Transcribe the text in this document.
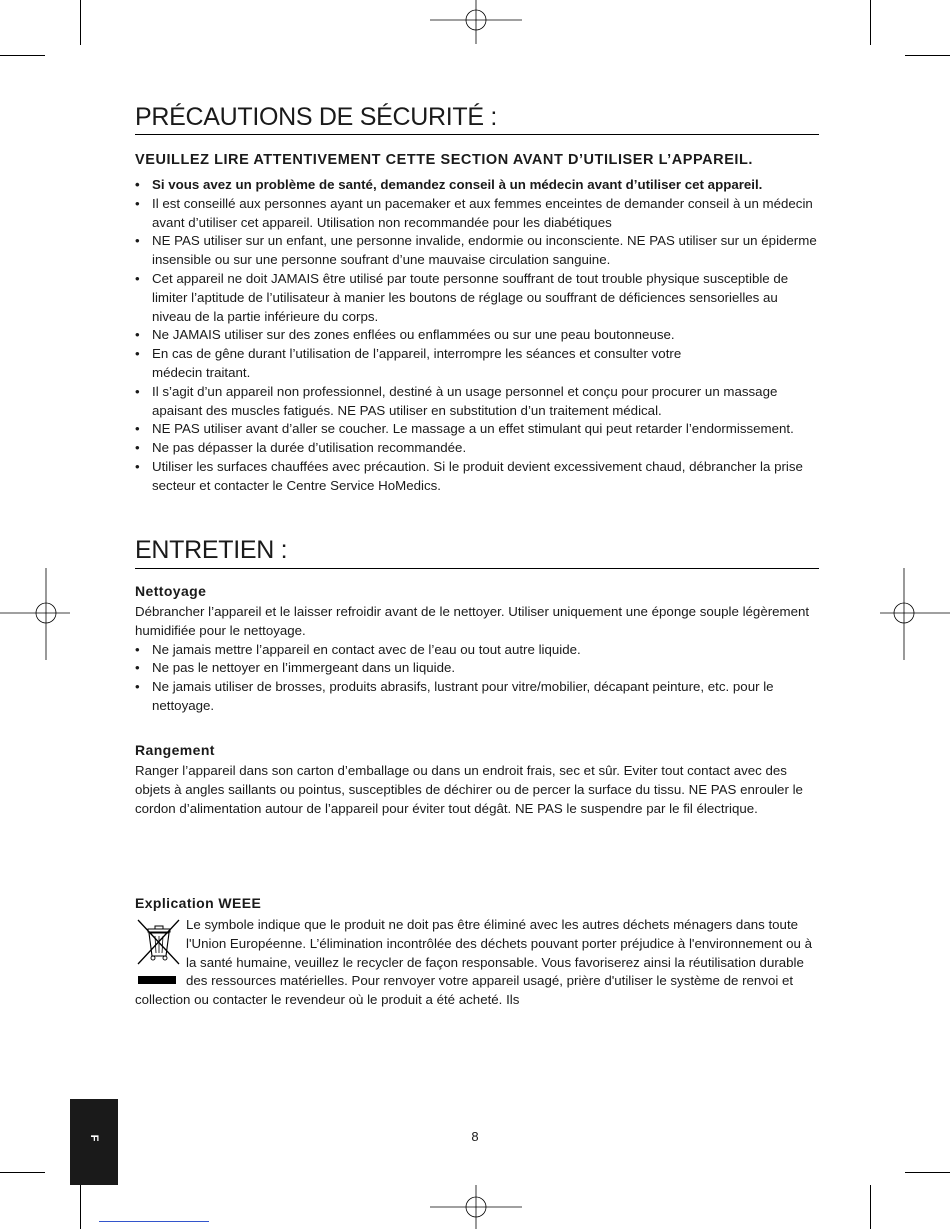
PRÉCAUTIONS DE SÉCURITÉ :
VEUILLEZ LIRE ATTENTIVEMENT CETTE SECTION AVANT D’UTILISER L’APPAREIL.
• Si vous avez un problème de santé, demandez conseil à un médecin avant d’utiliser cet appareil.
• Il est conseillé aux personnes ayant un pacemaker et aux femmes enceintes de demander conseil à un médecin avant d’utiliser cet appareil. Utilisation non recommandée pour les diabétiques
• NE PAS utiliser sur un enfant, une personne invalide, endormie ou inconsciente. NE PAS utiliser sur un épiderme insensible ou sur une personne soufrant d’une mauvaise circulation sanguine.
• Cet appareil ne doit JAMAIS être utilisé par toute personne souffrant de tout trouble physique susceptible de limiter l’aptitude de l’utilisateur à manier les boutons de réglage ou souffrant de déficiences sensorielles au niveau de la partie inférieure du corps.
• Ne JAMAIS utiliser sur des zones enflées ou enflammées ou sur une peau boutonneuse.
• En cas de gêne durant l’utilisation de l’appareil, interrompre les séances et consulter votre médecin traitant.
• Il s’agit d’un appareil non professionnel, destiné à un usage personnel et conçu pour procurer un massage apaisant des muscles fatigués. NE PAS utiliser en substitution d’un traitement médical.
• NE PAS utiliser avant d’aller se coucher. Le massage a un effet stimulant qui peut retarder l’endormissement.
• Ne pas dépasser la durée d’utilisation recommandée.
• Utiliser les surfaces chauffées avec précaution. Si le produit devient excessivement chaud, débrancher la prise secteur et contacter le Centre Service HoMedics.
ENTRETIEN :
Nettoyage
Débrancher l’appareil et le laisser refroidir avant de le nettoyer. Utiliser uniquement une éponge souple légèrement humidifiée pour le nettoyage.
• Ne jamais mettre l’appareil en contact avec de l’eau ou tout autre liquide.
• Ne pas le nettoyer en l’immergeant dans un liquide.
• Ne jamais utiliser de brosses, produits abrasifs, lustrant pour vitre/mobilier, décapant peinture, etc. pour le nettoyage.
Rangement
Ranger l’appareil dans son carton d’emballage ou dans un endroit frais, sec et sûr. Eviter tout contact avec des objets à angles saillants ou pointus, susceptibles de déchirer ou de percer la surface du tissu. NE PAS enrouler le cordon d’alimentation autour de l’appareil pour éviter tout dégât. NE PAS le suspendre par le fil électrique.
Explication WEEE
Le symbole indique que le produit ne doit pas être éliminé avec les autres déchets ménagers dans toute l'Union Européenne. L’élimination incontrôlée des déchets pouvant porter préjudice à l'environnement ou à la santé humaine, veuillez le recycler de façon responsable. Vous favoriserez ainsi la réutilisation durable des ressources matérielles. Pour renvoyer votre appareil usagé, prière d'utiliser le système de renvoi et collection ou contacter le revendeur où le produit a été acheté. Ils
F	8
